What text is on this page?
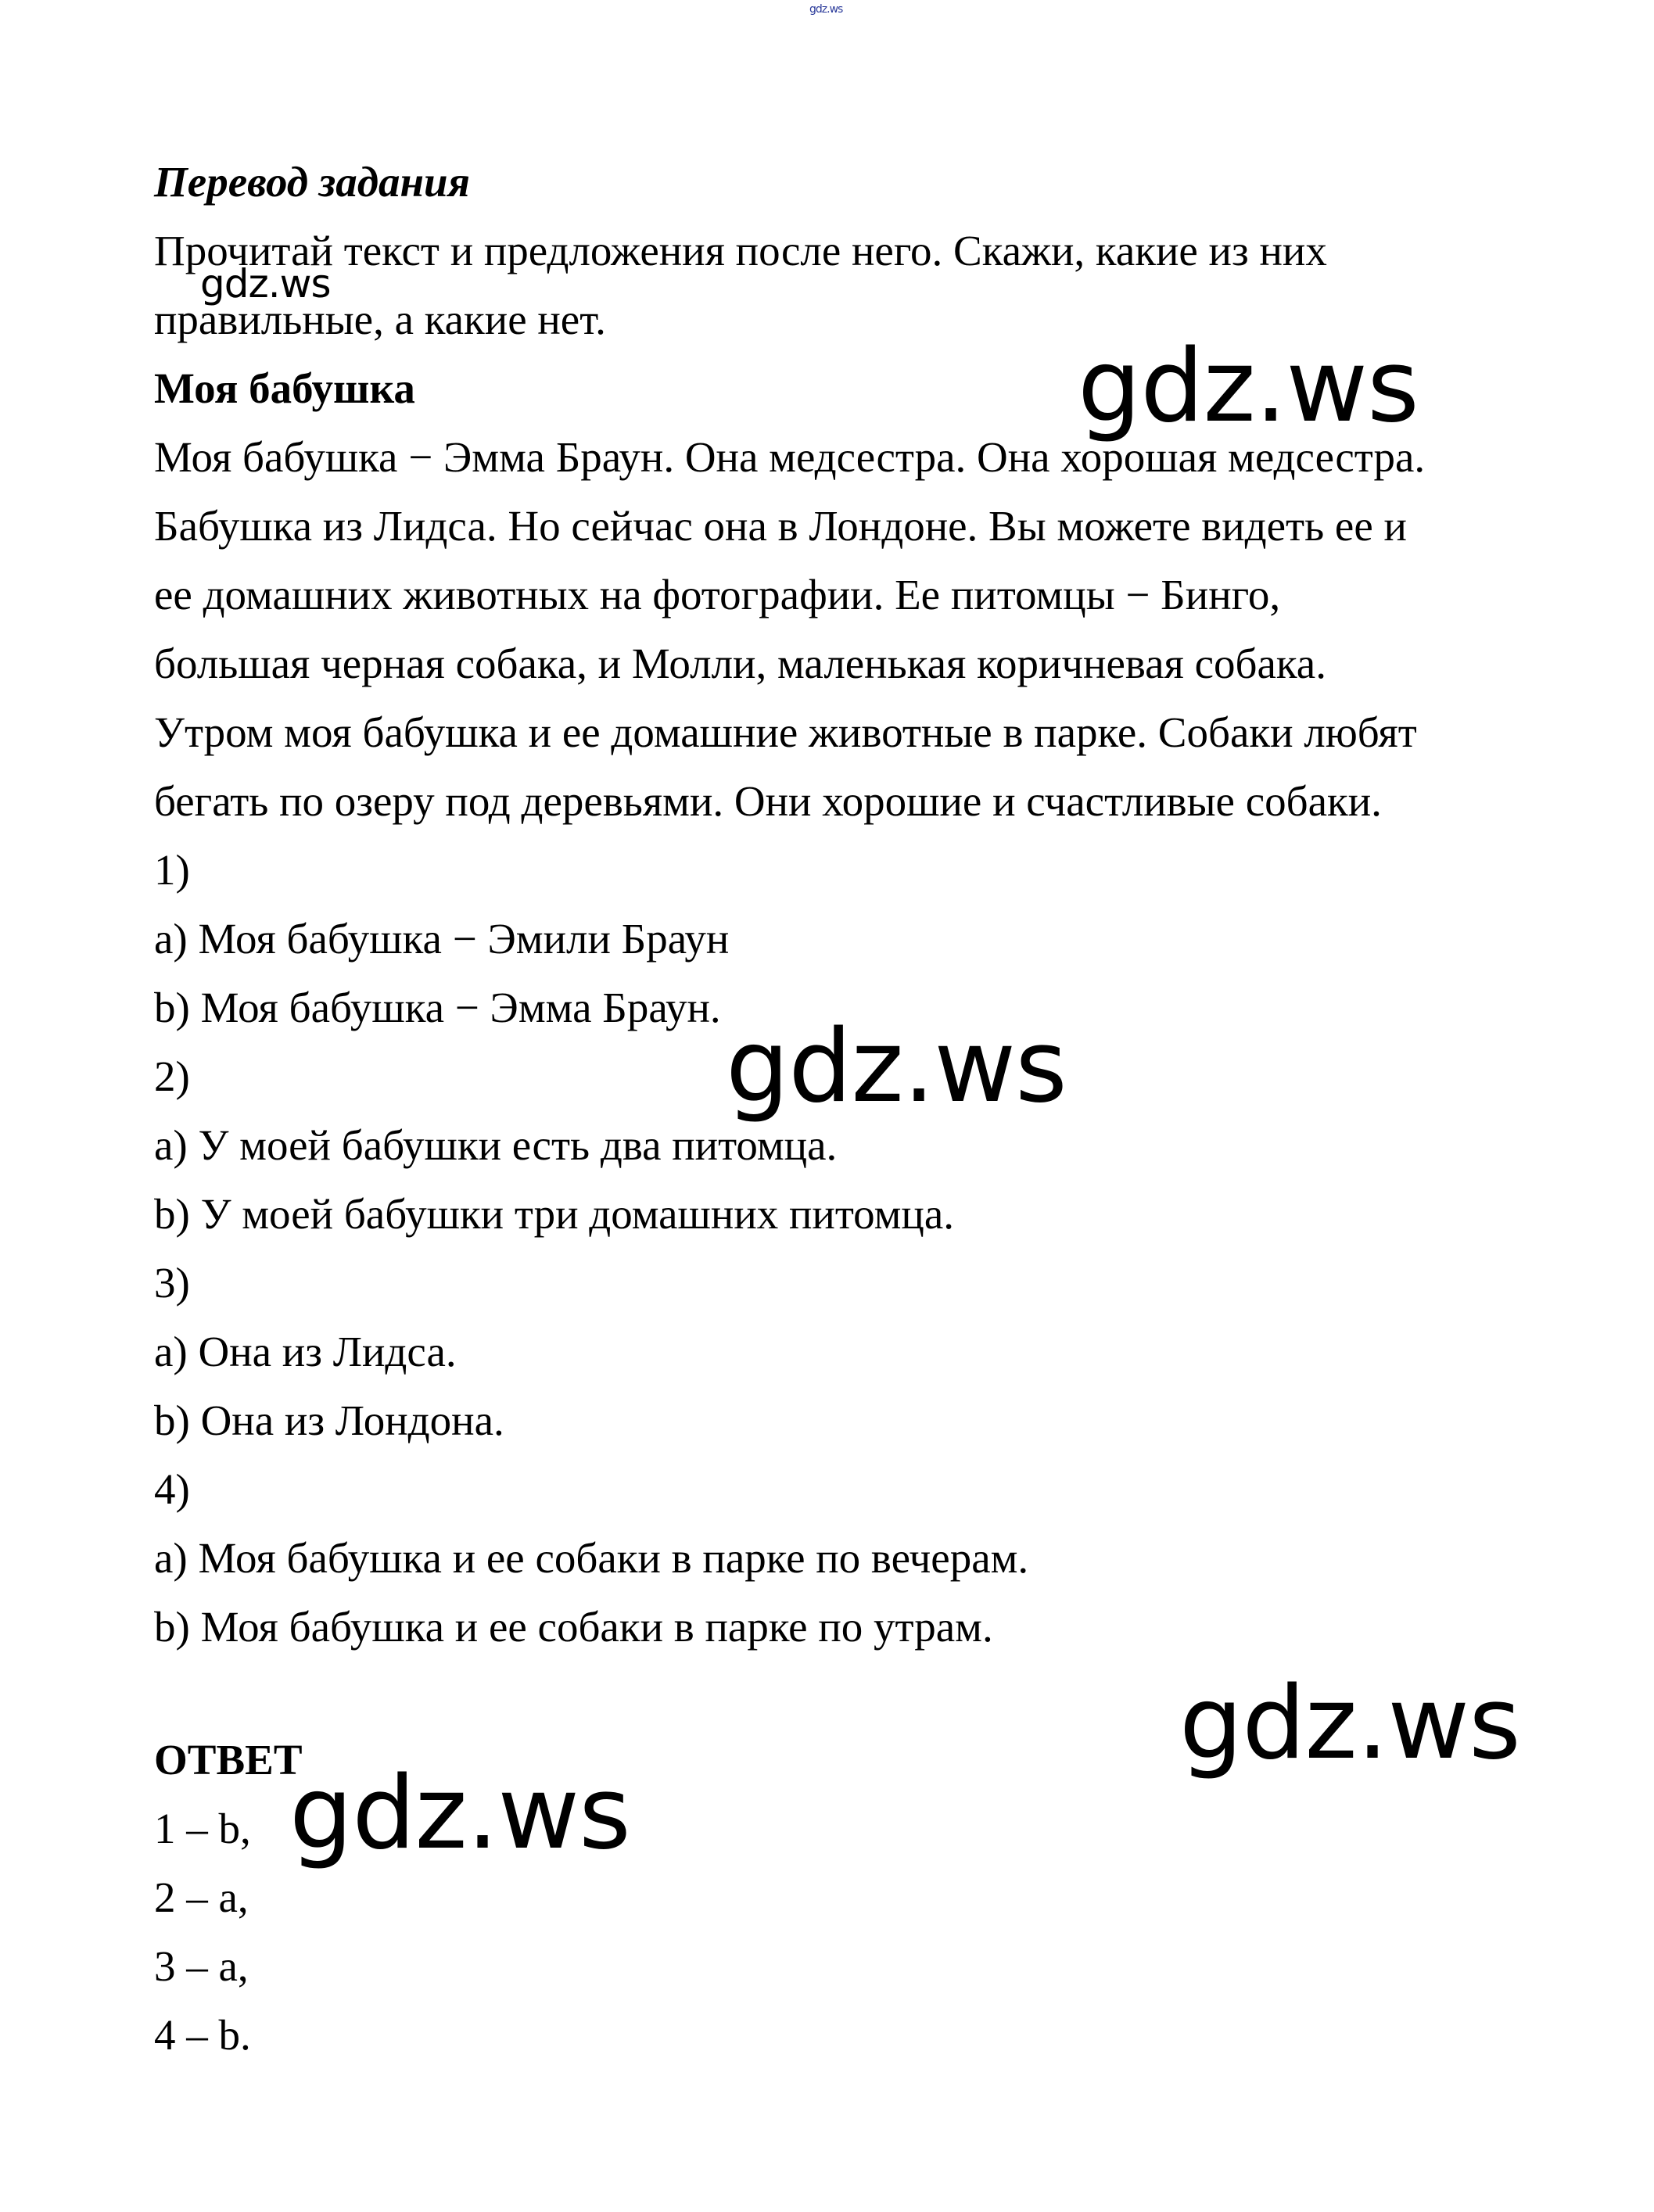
gdz.ws
Перевод задания
Прочитай текст и предложения после него. Скажи, какие из них
правильные, а какие нет.
gdz.ws
Моя бабушка
Моя бабушка − Эмма Браун. Она медсестра. Она хорошая медсестра.
Бабушка из Лидса. Но сейчас она в Лондоне. Вы можете видеть ее и
ее домашних животных на фотографии. Ее питомцы − Бинго,
большая черная собака, и Молли, маленькая коричневая собака.
Утром моя бабушка и ее домашние животные в парке. Собаки любят
бегать по озеру под деревьями. Они хорошие и счастливые собаки.
1)
a) Моя бабушка − Эмили Браун
b) Моя бабушка − Эмма Браун.
2)
a) У моей бабушки есть два питомца.
b) У моей бабушки три домашних питомца.
3)
a) Она из Лидса.
b) Она из Лондона.
4)
a) Моя бабушка и ее собаки в парке по вечерам.
b) Моя бабушка и ее собаки в парке по утрам.
ОТВЕТ
1 – b,
2 – a,
3 – a,
4 – b.
gdz.ws
gdz.ws
gdz.ws
gdz.ws
